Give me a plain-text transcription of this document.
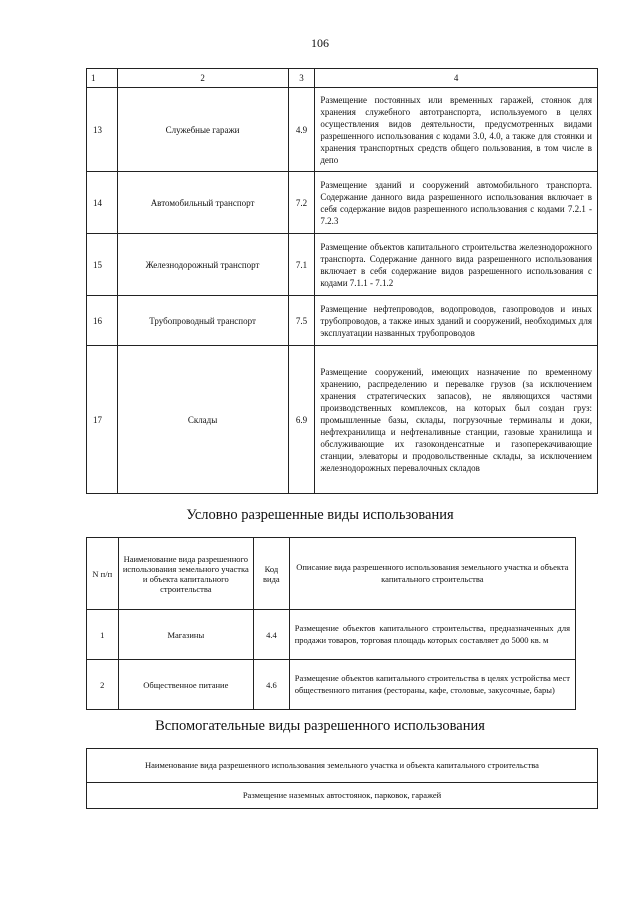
106
1	2	3	4
13	Служебные гаражи	4.9	Размещение постоянных или временных гаражей, стоянок для хранения служебного автотранспорта, используемого в целях осуществления видов деятельности, предусмотренных видами разрешенного использования с кодами 3.0, 4.0, а также для стоянки и хранения транспортных средств общего пользования, в том числе в депо
14	Автомобильный транспорт	7.2	Размещение зданий и сооружений автомобильного транспорта. Содержание данного вида разрешенного использования включает в себя содержание видов разрешенного использования с кодами 7.2.1 - 7.2.3
15	Железнодорожный транспорт	7.1	Размещение объектов капитального строительства железнодорожного транспорта. Содержание данного вида разрешенного использования включает в себя содержание видов разрешенного использования с кодами 7.1.1 - 7.1.2
16	Трубопроводный транспорт	7.5	Размещение нефтепроводов, водопроводов, газопроводов и иных трубопроводов, а также иных зданий и сооружений, необходимых для эксплуатации названных трубопроводов
17	Склады	6.9	Размещение сооружений, имеющих назначение по временному хранению, распределению и перевалке грузов (за исключением хранения стратегических запасов), не являющихся частями производственных комплексов, на которых был создан груз: промышленные базы, склады, погрузочные терминалы и доки, нефтехранилища и нефтеналивные станции, газовые хранилища и обслуживающие их газоконденсатные и газоперекачивающие станции, элеваторы и продовольственные склады, за исключением железнодорожных перевалочных складов
Условно разрешенные виды использования
N п/п	Наименование вида разрешенного использования земельного участка и объекта капитального строительства	Код вида	Описание вида разрешенного использования земельного участка и объекта капитального строительства
1	Магазины	4.4	Размещение объектов капитального строительства, предназначенных для продажи товаров, торговая площадь которых составляет до 5000 кв. м
2	Общественное питание	4.6	Размещение объектов капитального строительства в целях устройства мест общественного питания (рестораны, кафе, столовые, закусочные, бары)
Вспомогательные виды разрешенного использования
Наименование вида разрешенного использования земельного участка и объекта капитального строительства
Размещение наземных автостоянок, парковок, гаражей
